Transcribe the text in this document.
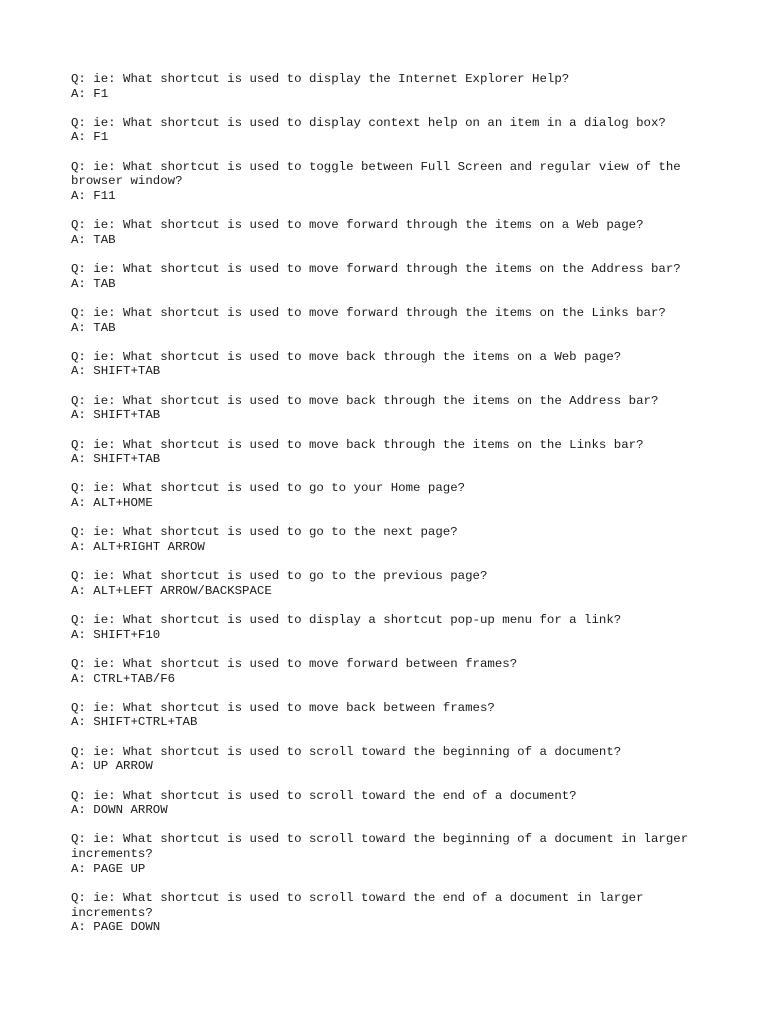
Q: ie: What shortcut is used to display the Internet Explorer Help?
A: F1
Q: ie: What shortcut is used to display context help on an item in a dialog box?
A: F1
Q: ie: What shortcut is used to toggle between Full Screen and regular view of the browser window?
A: F11
Q: ie: What shortcut is used to move forward through the items on a Web page?
A: TAB
Q: ie: What shortcut is used to move forward through the items on the Address bar?
A: TAB
Q: ie: What shortcut is used to move forward through the items on the Links bar?
A: TAB
Q: ie: What shortcut is used to move back through the items on a Web page?
A: SHIFT+TAB
Q: ie: What shortcut is used to move back through the items on the Address bar?
A: SHIFT+TAB
Q: ie: What shortcut is used to move back through the items on the Links bar?
A: SHIFT+TAB
Q: ie: What shortcut is used to go to your Home page?
A: ALT+HOME
Q: ie: What shortcut is used to go to the next page?
A: ALT+RIGHT ARROW
Q: ie: What shortcut is used to go to the previous page?
A: ALT+LEFT ARROW/BACKSPACE
Q: ie: What shortcut is used to display a shortcut pop-up menu for a link?
A: SHIFT+F10
Q: ie: What shortcut is used to move forward between frames?
A: CTRL+TAB/F6
Q: ie: What shortcut is used to move back between frames?
A: SHIFT+CTRL+TAB
Q: ie: What shortcut is used to scroll toward the beginning of a document?
A: UP ARROW
Q: ie: What shortcut is used to scroll toward the end of a document?
A: DOWN ARROW
Q: ie: What shortcut is used to scroll toward the beginning of a document in larger increments?
A: PAGE UP
Q: ie: What shortcut is used to scroll toward the end of a document in larger increments?
A: PAGE DOWN
